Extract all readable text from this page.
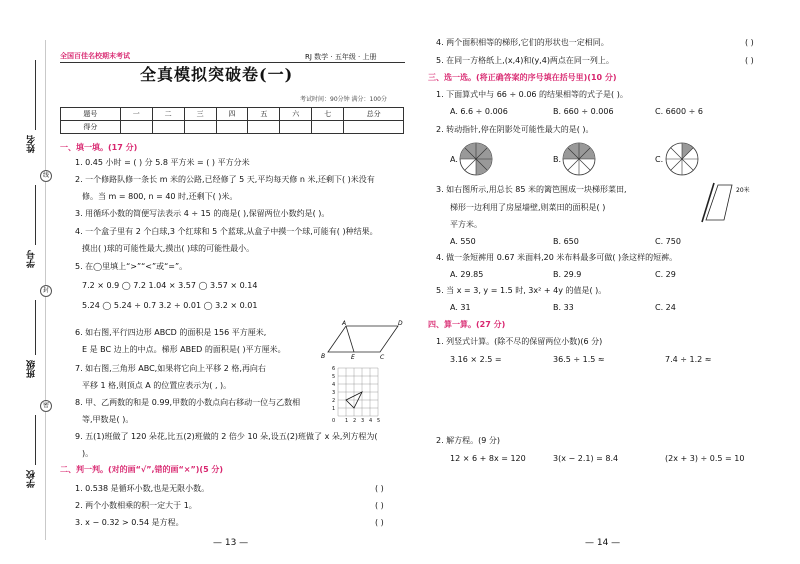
姓名
线
学号
封
班级
密
学校
全国百佳名校期末考试	RJ 数学 · 五年级 · 上册
全真模拟突破卷(一)
考试时间：90分钟 满分：100分
题号	一	二	三	四	五	六	七	总分
得分								
一、填一填。(17 分)
1. 0.45 小时 = ( ) 分 5.8 平方米 = ( ) 平方分米
2. 一个修路队修一条长 m 米的公路,已经修了 5 天,平均每天修 n 米,还剩下( )米没有
修。当 m = 800, n = 40 时,还剩下( )米。
3. 用循环小数的简便写法表示 4 ÷ 15 的商是( ),保留两位小数约是( )。
4. 一个盒子里有 2 个白球,3 个红球和 5 个蓝球,从盒子中摸一个球,可能有( )种结果。
摸出( )球的可能性最大,摸出( )球的可能性最小。
5. 在◯里填上“>”“<”或“=”。
7.2 × 0.9 ◯ 7.2 1.04 × 3.57 ◯ 3.57 × 0.14
5.24 ◯ 5.24 ÷ 0.7 3.2 ÷ 0.01 ◯ 3.2 × 0.01
6. 如右图,平行四边形 ABCD 的面积是 156 平方厘米,
E 是 BC 边上的中点。梯形 ABED 的面积是( )平方厘米。
7. 如右图,三角形 ABC,如果将它向上平移 2 格,再向右
平移 1 格,则顶点 A 的位置应表示为( , )。
8. 甲、乙两数的和是 0.99,甲数的小数点向右移动一位与乙数相
等,甲数是( )。
9. 五(1)班做了 120 朵花,比五(2)班做的 2 倍少 10 朵,设五(2)班做了 x 朵,列方程为(
)。
A	D
B	E	C
6
5
4
3
2
1
0 1 2 3 4 5
二、判一判。(对的画“√”,错的画“×”)(5 分)
1. 0.538 是循环小数,也是无限小数。	( )
2. 两个小数相乘的积一定大于 1。	( )
3. x − 0.32 > 0.54 是方程。	( )
— 13 —
4. 两个面积相等的梯形,它们的形状也一定相同。	( )
5. 在同一方格纸上,(x,4)和(y,4)两点在同一列上。	( )
三、选一选。(将正确答案的序号填在括号里)(10 分)
1. 下面算式中与 66 ÷ 0.06 的结果相等的式子是( )。
A. 6.6 ÷ 0.006	B. 660 ÷ 0.006	C. 6600 ÷ 6
2. 转动指针,停在阴影处可能性最大的是( )。
A.	B.	C.
3. 如右图所示,用总长 85 米的篱笆围成一块梯形菜田,
梯形一边利用了房屋墙壁,则菜田的面积是( )
平方米。
20米
A. 550	B. 650	C. 750
4. 做一条短裤用 0.67 米面料,20 米布料最多可做( )条这样的短裤。
A. 29.85	B. 29.9	C. 29
5. 当 x = 3, y = 1.5 时, 3x² + 4y 的值是( )。
A. 31	B. 33	C. 24
四、算一算。(27 分)
1. 列竖式计算。(除不尽的保留两位小数)(6 分)
3.16 × 2.5 =	36.5 ÷ 1.5 ≈	7.4 ÷ 1.2 ≈
2. 解方程。(9 分)
12 × 6 + 8x = 120	3(x − 2.1) = 8.4	(2x + 3) ÷ 0.5 = 10
— 14 —
